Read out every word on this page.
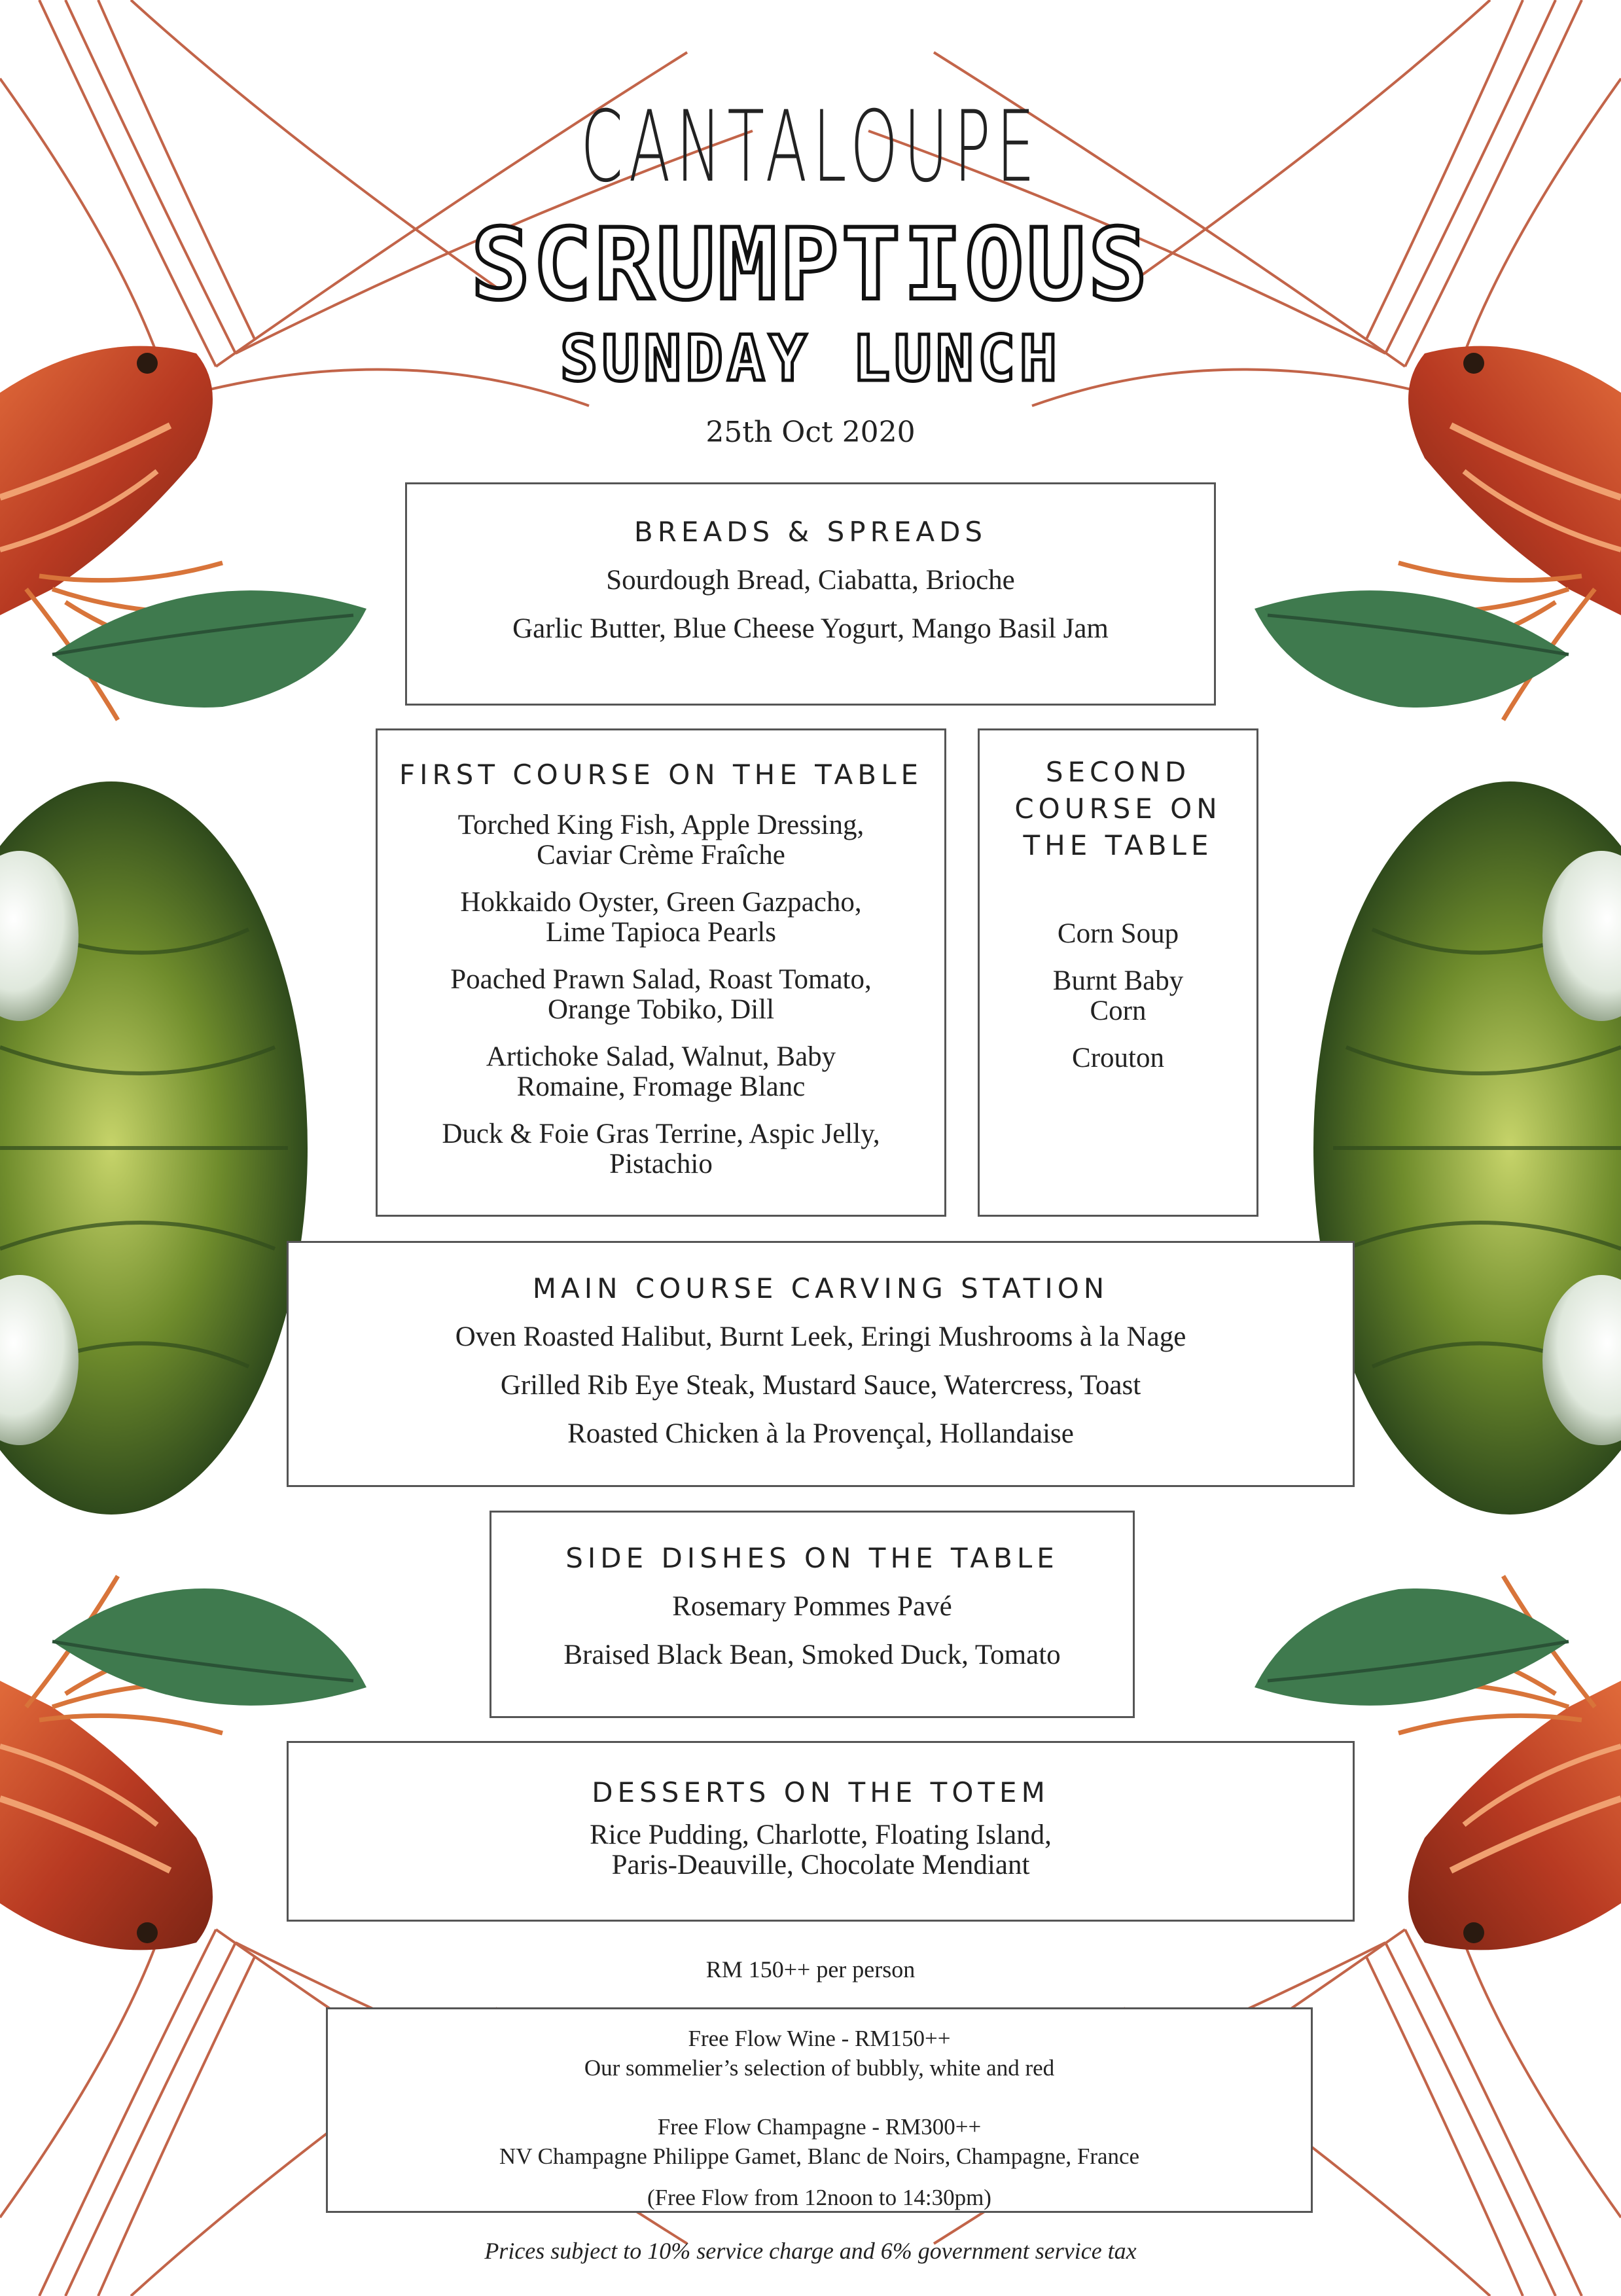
CANTALOUPE
SCRUMPTIOUS
SUNDAY LUNCH
25th Oct 2020
BREADS & SPREADS
Sourdough Bread, Ciabatta, Brioche
Garlic Butter, Blue Cheese Yogurt, Mango Basil Jam
FIRST COURSE ON THE TABLE
Torched King Fish, Apple Dressing,
Caviar Crème Fraîche
Hokkaido Oyster, Green Gazpacho,
Lime Tapioca Pearls
Poached Prawn Salad, Roast Tomato,
Orange Tobiko, Dill
Artichoke Salad, Walnut, Baby
Romaine, Fromage Blanc
Duck & Foie Gras Terrine, Aspic Jelly,
Pistachio
SECOND
COURSE ON
THE TABLE
Corn Soup
Burnt Baby
Corn
Crouton
MAIN COURSE CARVING STATION
Oven Roasted Halibut, Burnt Leek, Eringi Mushrooms à la Nage
Grilled Rib Eye Steak, Mustard Sauce, Watercress, Toast
Roasted Chicken à la Provençal, Hollandaise
SIDE DISHES ON THE TABLE
Rosemary Pommes Pavé
Braised Black Bean, Smoked Duck, Tomato
DESSERTS ON THE TOTEM
Rice Pudding, Charlotte, Floating Island,
Paris-Deauville, Chocolate Mendiant
RM 150++ per person
Free Flow Wine - RM150++
Our sommelier’s selection of bubbly, white and red
Free Flow Champagne - RM300++
NV Champagne Philippe Gamet, Blanc de Noirs, Champagne, France
(Free Flow from 12noon to 14:30pm)
Prices subject to 10% service charge and 6% government service tax
